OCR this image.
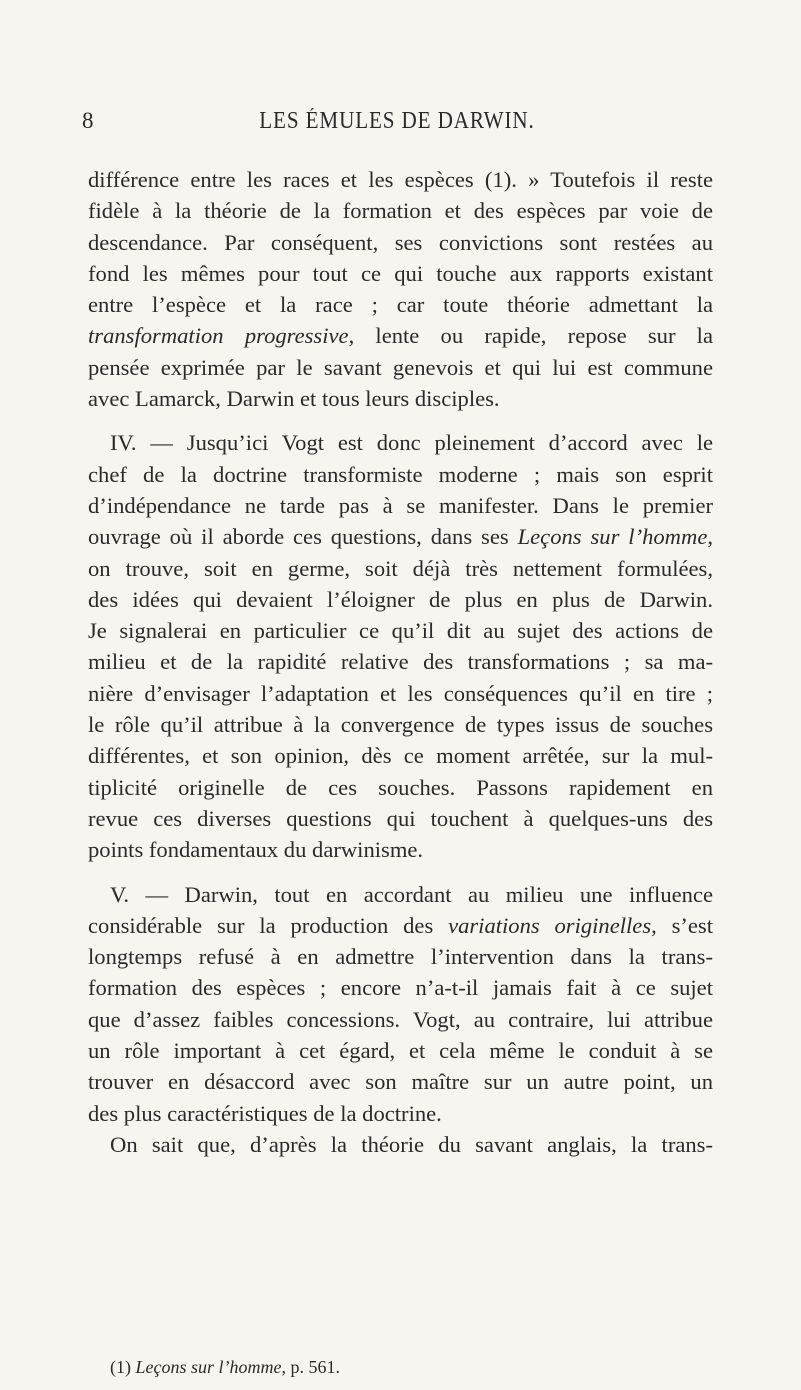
8	LES ÉMULES DE DARWIN.

différence entre les races et les espèces (1). » Toutefois il reste
fidèle à la théorie de la formation et des espèces par voie de
descendance. Par conséquent, ses convictions sont restées au
fond les mêmes pour tout ce qui touche aux rapports existant
entre l’espèce et la race ; car toute théorie admettant la
transformation progressive, lente ou rapide, repose sur la
pensée exprimée par le savant genevois et qui lui est commune
avec Lamarck, Darwin et tous leurs disciples.

IV. — Jusqu’ici Vogt est donc pleinement d’accord avec le
chef de la doctrine transformiste moderne ; mais son esprit
d’indépendance ne tarde pas à se manifester. Dans le premier
ouvrage où il aborde ces questions, dans ses Leçons sur l’homme,
on trouve, soit en germe, soit déjà très nettement formulées,
des idées qui devaient l’éloigner de plus en plus de Darwin.
Je signalerai en particulier ce qu’il dit au sujet des actions de
milieu et de la rapidité relative des transformations ; sa ma-
nière d’envisager l’adaptation et les conséquences qu’il en tire ;
le rôle qu’il attribue à la convergence de types issus de souches
différentes, et son opinion, dès ce moment arrêtée, sur la mul-
tiplicité originelle de ces souches. Passons rapidement en
revue ces diverses questions qui touchent à quelques-uns des
points fondamentaux du darwinisme.

V. — Darwin, tout en accordant au milieu une influence
considérable sur la production des variations originelles, s’est
longtemps refusé à en admettre l’intervention dans la trans-
formation des espèces ; encore n’a-t-il jamais fait à ce sujet
que d’assez faibles concessions. Vogt, au contraire, lui attribue
un rôle important à cet égard, et cela même le conduit à se
trouver en désaccord avec son maître sur un autre point, un
des plus caractéristiques de la doctrine.
On sait que, d’après la théorie du savant anglais, la trans-

(1) Leçons sur l’homme, p. 561.
